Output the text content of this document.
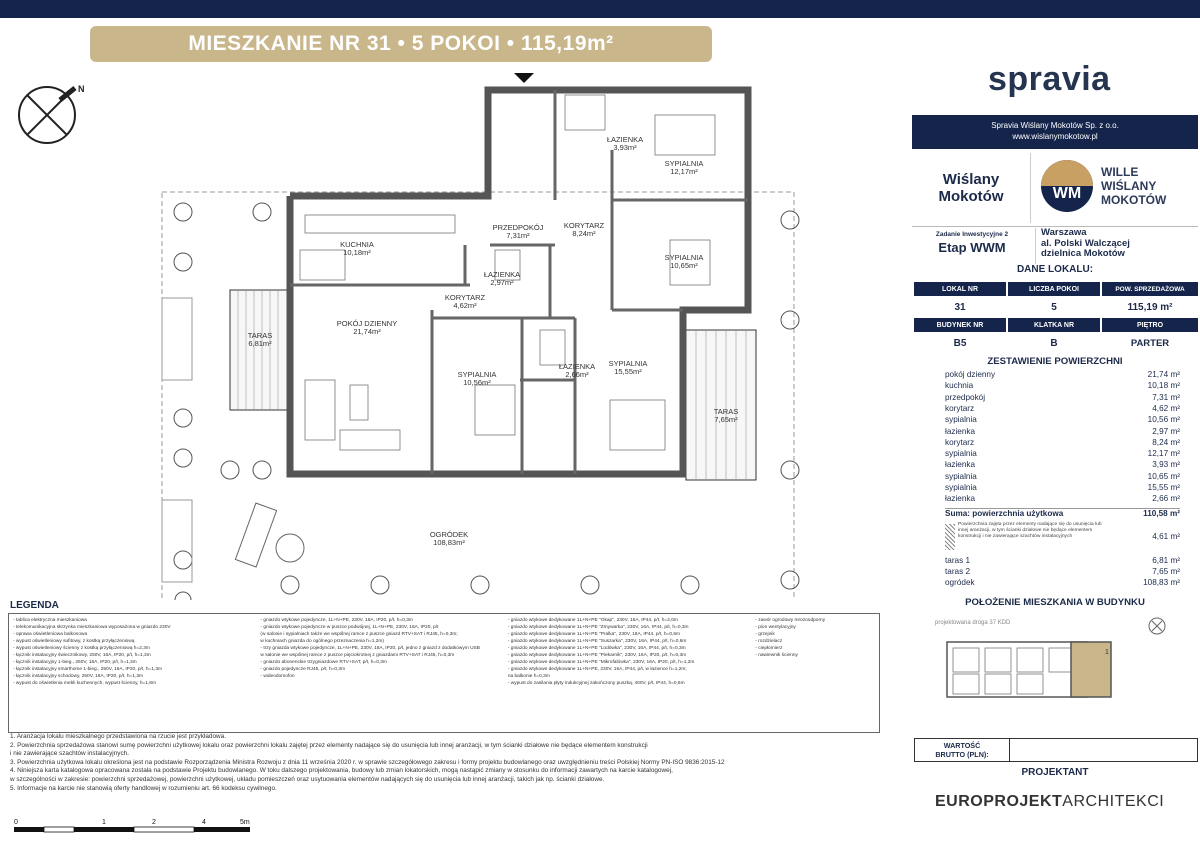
MIESZKANIE NR 31 • 5 POKOI • 115,19m²
N
ŁAZIENKA
3,93m²
SYPIALNIA
12,17m²
PRZEDPOKÓJ
7,31m²
KORYTARZ
8,24m²
KUCHNIA
10,18m²
ŁAZIENKA
2,97m²
SYPIALNIA
10,65m²
KORYTARZ
4,62m²
POKÓJ DZIENNY
21,74m²
TARAS
6,81m²
SYPIALNIA
10,56m²
ŁAZIENKA
2,66m²
SYPIALNIA
15,55m²
TARAS
7,65m²
OGRÓDEK
108,83m²
LEGENDA
- tablica elektryczna mieszkaniowa
- telekomunikacyjna skrzynka mieszkaniowa wyposażona w gniazdo 230V
- oprawa oświetleniowa balkonowa
- wypust oświetleniowy sufitowy, z kostką przyłączeniową
- wypust oświetleniowy ścienny z kostką przyłączeniową h=2,3m
- łącznik instalacyjny świecznikowy, 250V, 16A, IP20, p/t, h=1,3m
- łącznik instalacyjny 1-bieg., 250V, 16A, IP20, p/t, h=1,3m
- łącznik instalacyjny smarthome 1-bieg., 250V, 16A, IP20, p/t, h=1,3m
- łącznik instalacyjny schodowy, 250V, 16A, IP20, p/t, h=1,3m
- wypust do oświetlenia mebli kuchennych, wypust ścienny, h=1,8m
- gniazdo wtykowe pojedyncze, 1L+N+PE, 230V, 16A, IP20, p/t, h=0,3m
- gniazdo wtykowe pojedyncze w puszce podwójnej, 1L+N+PE, 230V, 16A, IP20, p/t
(w salonie i sypialniach także we wspólnej ramce z puszce gniazd RTV+SAT i RJ45, h=0,3m;
w kuchniach gniazda do ogólnego przeznaczenia h=1,2m)
- trzy gniazda wtykowe pojedyncze, 1L+N+PE, 230V, 16A, IP20, p/t, jedno z gniazd z dodatkowym USB
w salonie we wspólnej ramce z puszce pięciokrotnej z gniazdami RTV+SAT i RJ45, h=0,3m
- gniazdo abonenckie trzygniazdowe RTV+SAT, p/t, h=0,3m
- gniazdo pojedyncze RJ45, p/t, h=0,3m
- wideodomofon
- gniazdo wtykowe dedykowane 1L+N+PE "Okap", 230V, 16A, IP44, p/t, h=2,0m
- gniazdo wtykowe dedykowane 1L+N+PE "Zmywarka", 230V, 16A, IP44, p/t, h=0,3m
- gniazdo wtykowe dedykowane 1L+N+PE "Pralka", 230V, 16A, IP44, p/t, h=0,6m
- gniazdo wtykowe dedykowane 1L+N+PE "Suszarka", 230V, 16A, IP44, p/t, h=0,6m
- gniazdo wtykowe dedykowane 1L+N+PE "Lodówka", 230V, 16A, IP44, p/t, h=0,3m
- gniazdo wtykowe dedykowane 1L+N+PE "Piekarnik", 230V, 16A, IP20, p/t, h=0,3m
- gniazdo wtykowe dedykowane 1L+N+PE "Mikrofalówka", 230V, 16A, IP20, p/t, h=1,2m
- gniazdo wtykowe dedykowane 1L+N+PE, 230V, 16A, IP44, p/t, w łazience h=1,2m;
na balkonie h=0,3m
- wypust do zasilania płyty indukcyjnej zakończony puszką, 400V, p/t, IP44, h=0,6m
- zawór ogrodowy mrozoodporny
- pion wentylacyjny
- grzejnik
- rozdzielacz
- ciepłomierz
- nawiewnik ścienny
1. Aranżacja lokalu mieszkalnego przedstawiona na rzucie jest przykładowa.
2. Powierzchnia sprzedażowa stanowi sumę powierzchni użytkowej lokalu oraz powierzchni lokalu zajętej przez elementy nadające się do usunięcia lub innej aranżacji, w tym ścianki działowe nie będące elementem konstrukcji
i nie zawierające szachtów instalacyjnych.
3. Powierzchnia użytkowa lokalu określona jest na podstawie Rozporządzenia Ministra Rozwoju z dnia 11 września 2020 r. w sprawie szczegółowego zakresu i formy projektu budowlanego oraz uwzględnieniu treści Polskiej Normy PN-ISO 9836:2015-12
4. Niniejsza karta katalogowa opracowana została na podstawie Projektu budowlanego. W toku dalszego projektowania, budowy lub zmian lokatorskich, mogą nastąpić zmiany w stosunku do informacji zawartych na karcie katalogowej,
w szczególności w zakresie: powierzchni sprzedażowej, powierzchni użytkowej, układu pomieszczeń oraz usytuowania elementów nadających się do usunięcia lub innej aranżacji, takich jak np. ścianki działowe.
5. Informacje na karcie nie stanowią oferty handlowej w rozumieniu art. 66 kodeksu cywilnego.
0	1	2	4	5m
spravia
Spravia Wiślany Mokotów Sp. z o.o.
www.wislanymokotow.pl
Wiślany
Mokotów	WM
WILLE
WIŚLANY
MOKOTÓW
Zadanie Inwestycyjne 2
Etap WWM
Warszawa
al. Polski Walczącej
dzielnica Mokotów
DANE LOKALU:
LOKAL NR	LICZBA POKOI	POW. SPRZEDAŻOWA
31	5	115,19 m²
BUDYNEK NR	KLATKA NR	PIĘTRO
B5	B	PARTER
ZESTAWIENIE POWIERZCHNI
pokój dzienny	21,74 m²
kuchnia	10,18 m²
przedpokój	7,31 m²
korytarz	4,62 m²
sypialnia	10,56 m²
łazienka	2,97 m²
korytarz	8,24 m²
sypialnia	12,17 m²
łazienka	3,93 m²
sypialnia	10,65 m²
sypialnia	15,55 m²
łazienka	2,66 m²
Suma: powierzchnia użytkowa	110,58 m²
Powierzchnia zajęta przez elementy nadające się do usunięcia lub innej aranżacji, w tym ścianki działowe nie będące elementem konstrukcji i nie zawierające szachtów instalacyjnych	4,61 m²
taras 1	6,81 m²
taras 2	7,65 m²
ogródek	108,83 m²
POŁOŻENIE MIESZKANIA W BUDYNKU
projektowana droga 37 KDD
1
WARTOŚĆ
BRUTTO (PLN):
PROJEKTANT
EUROPROJEKTARCHITEKCI
